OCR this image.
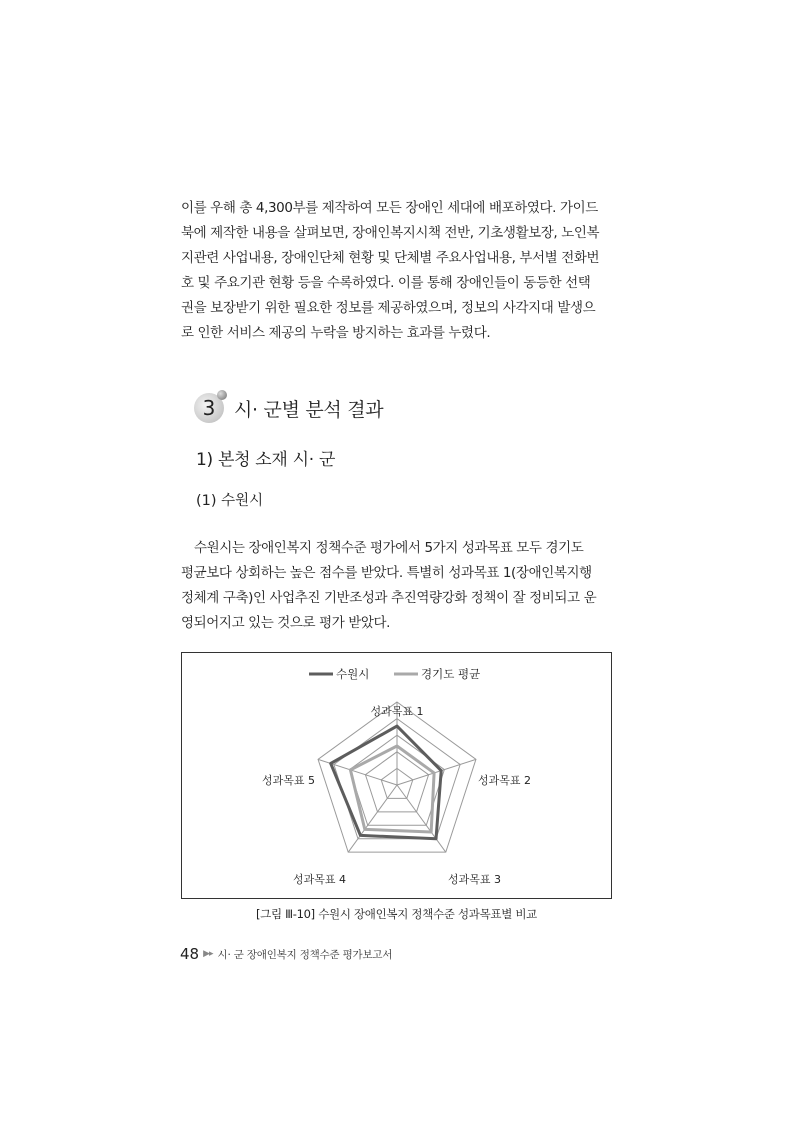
이를 우해 총 4,300부를 제작하여 모든 장애인 세대에 배포하였다. 가이드
북에 제작한 내용을 살펴보면, 장애인복지시책 전반, 기초생활보장, 노인복
지관련 사업내용, 장애인단체 현황 및 단체별 주요사업내용, 부서별 전화번
호 및 주요기관 현황 등을 수록하였다. 이를 통해 장애인들이 동등한 선택
권을 보장받기 위한 필요한 정보를 제공하였으며, 정보의 사각지대 발생으
로 인한 서비스 제공의 누락을 방지하는 효과를 누렸다.
3 시· 군별 분석 결과
1) 본청 소재 시· 군
(1) 수원시
수원시는 장애인복지 정책수준 평가에서 5가지 성과목표 모두 경기도
평균보다 상회하는 높은 점수를 받았다. 특별히 성과목표 1(장애인복지행
정체계 구축)인 사업추진 기반조성과 추진역량강화 정책이 잘 정비되고 운
영되어지고 있는 것으로 평가 받았다.
성과목표 1
성과목표 2
성과목표 3
성과목표 4
성과목표 5
수원시	경기도 평균
[그림 Ⅲ-10] 수원시 장애인복지 정책수준 성과목표별 비교
48 ▶▸ 시· 군 장애인복지 정책수준 평가보고서
